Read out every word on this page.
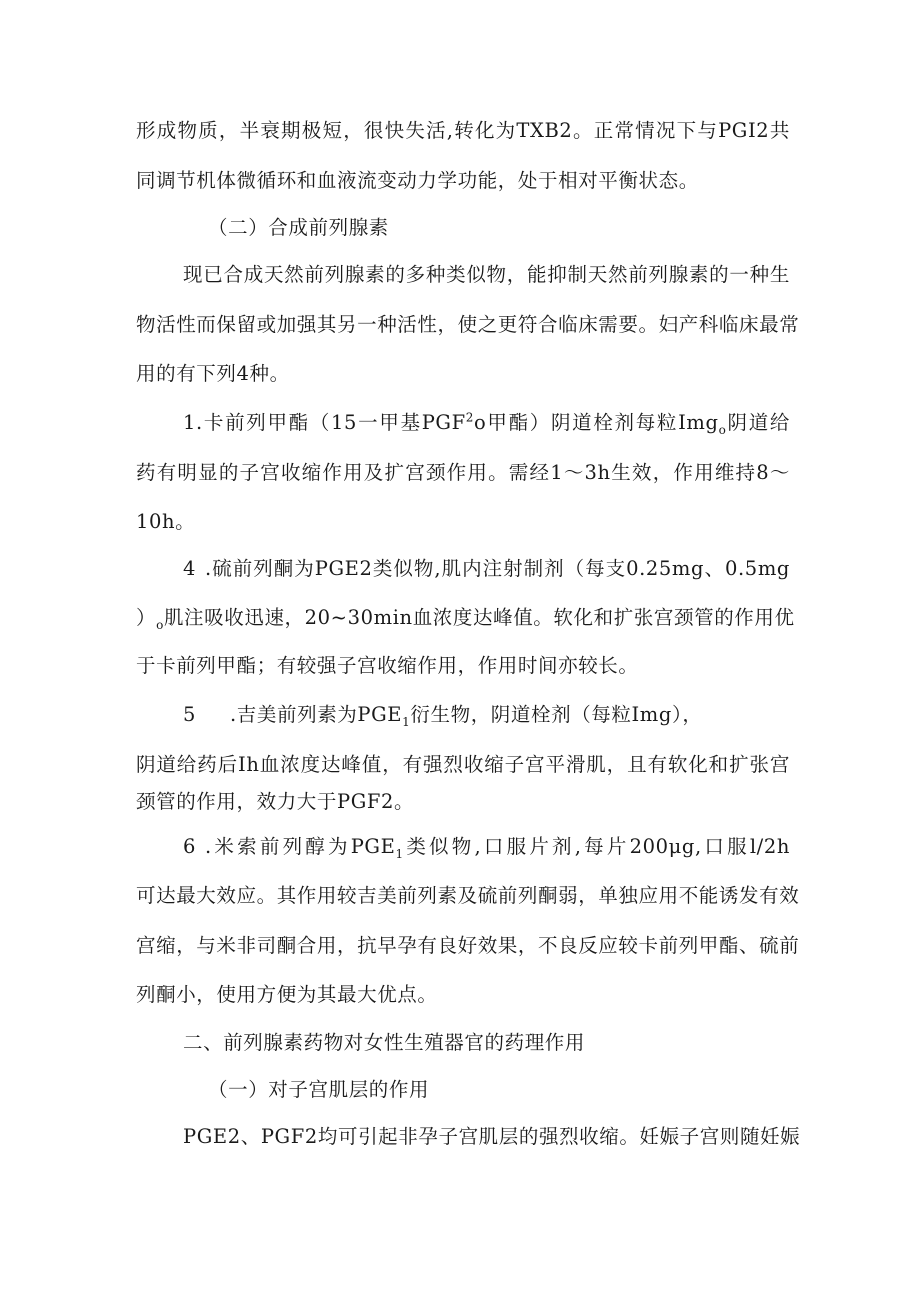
形成物质，半衰期极短，很快失活,转化为TXB2。正常情况下与PGI2共

同调节机体微循环和血液流变动力学功能，处于相对平衡状态。

（二）合成前列腺素

现已合成天然前列腺素的多种类似物，能抑制天然前列腺素的一种生

物活性而保留或加强其另一种活性，使之更符合临床需要。妇产科临床最常

用的有下列4种。

1.卡前列甲酯（15一甲基PGF$^2$o甲酯）阴道栓剂每粒Img$_o$阴道给

药有明显的子宫收缩作用及扩宫颈作用。需经1～3h生效，作用维持8～

10h。

4 .硫前列酮为PGE2类似物,肌内注射制剂（每支0.25mg、0.5mg

）$_o$肌注吸收迅速，20~30min血浓度达峰值。软化和扩张宫颈管的作用优

于卡前列甲酯；有较强子宫收缩作用，作用时间亦较长。

5 .吉美前列素为$PGE_1$衍生物，阴道栓剂（每粒Img），

阴道给药后Ih血浓度达峰值，有强烈收缩子宫平滑肌，且有软化和扩张宫

颈管的作用，效力大于PGF2。

6 .米索前列醇为$PGE_1$类似物,口服片剂,每片200μg,口服l/2h

可达最大效应。其作用较吉美前列素及硫前列酮弱，单独应用不能诱发有效

宫缩，与米非司酮合用，抗早孕有良好效果，不良反应较卡前列甲酯、硫前

列酮小，使用方便为其最大优点。

二、前列腺素药物对女性生殖器官的药理作用

（一）对子宫肌层的作用

PGE2、PGF2均可引起非孕子宫肌层的强烈收缩。妊娠子宫则随妊娠
